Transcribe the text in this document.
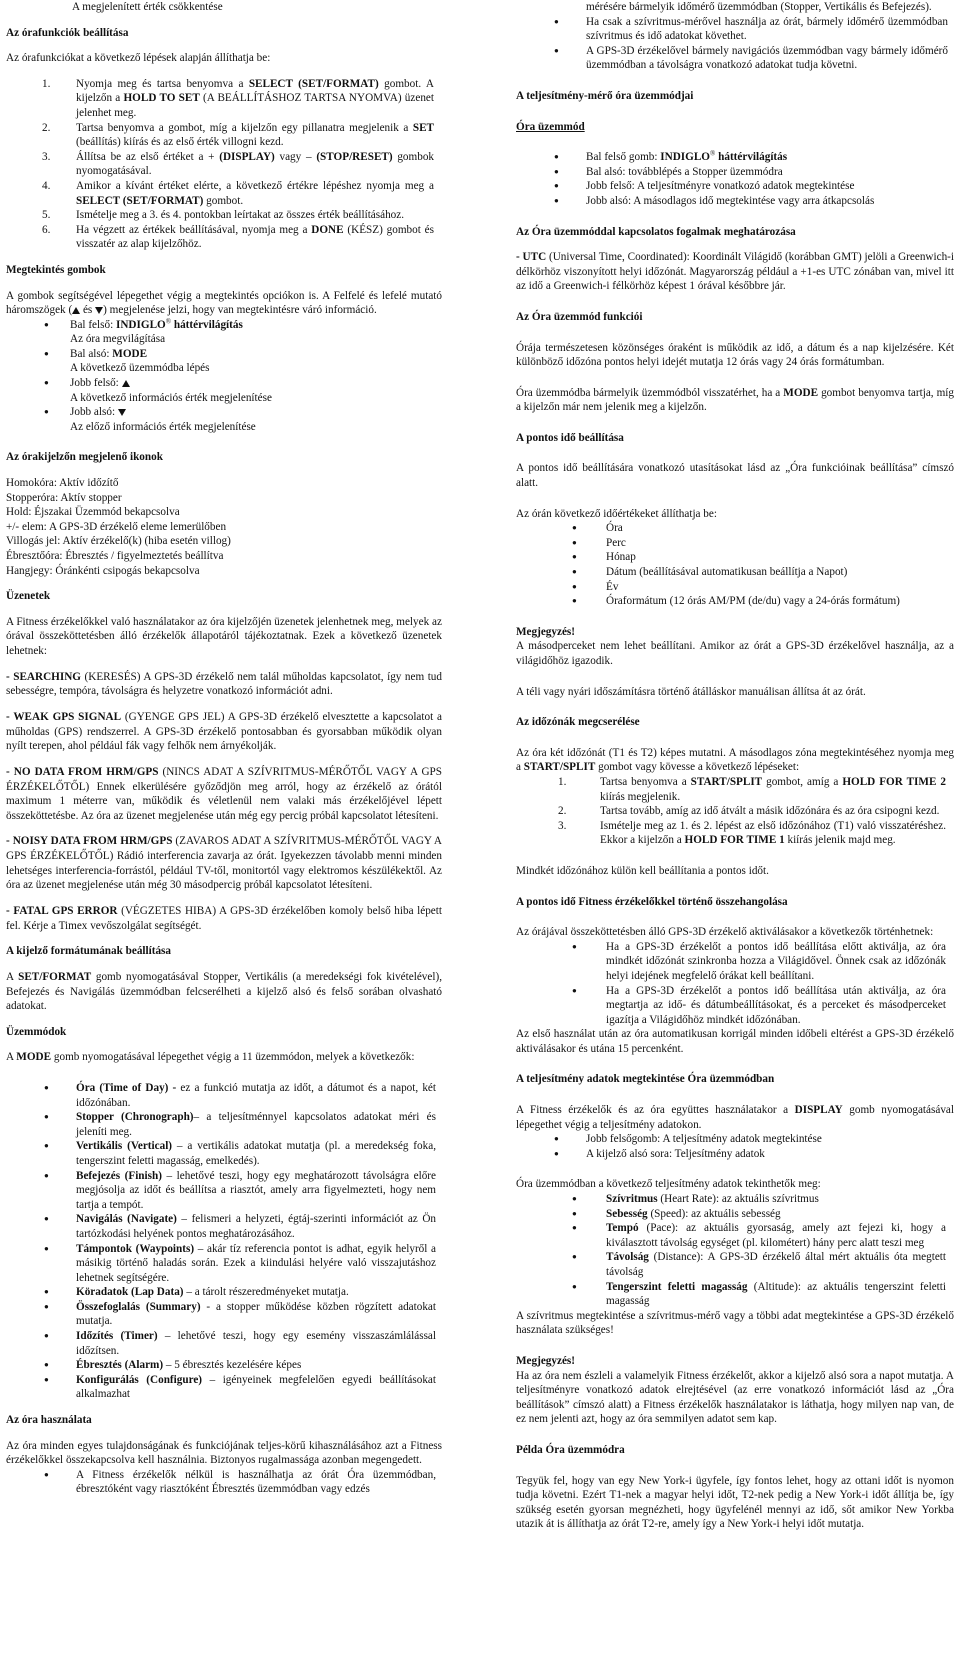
A megjelenített érték csökkentése

Az órafunkciók beállítása

Az órafunkciókat a következő lépések alapján állíthatja be:

1. Nyomja meg és tartsa benyomva a SELECT (SET/FORMAT) gombot. A kijelzőn a HOLD TO SET (A BEÁLLÍTÁSHOZ TARTSA NYOMVA) üzenet jelenhet meg.
2. Tartsa benyomva a gombot, míg a kijelzőn egy pillanatra megjelenik a SET (beállítás) kiírás és az első érték villogni kezd.
3. Állítsa be az első értéket a + (DISPLAY) vagy – (STOP/RESET) gombok nyomogatásával.
4. Amikor a kívánt értéket elérte, a következő értékre lépéshez nyomja meg a SELECT (SET/FORMAT) gombot.
5. Ismételje meg a 3. és 4. pontokban leírtakat az összes érték beállításához.
6. Ha végzett az értékek beállításával, nyomja meg a DONE (KÉSZ) gombot és visszatér az alap kijelzőhöz.

Megtekintés gombok

A gombok segítségével lépegethet végig a megtekintés opciókon is. A Felfelé és lefelé mutató háromszögek ( és ) megjelenése jelzi, hogy van megtekintésre váró információ.

● Bal felső: INDIGLO® háttérvilágítás
Az óra megvilágítása
● Bal alsó: MODE
A következő üzemmódba lépés
● Jobb felső:
A következő információs érték megjelenítése
● Jobb alsó:
Az előző információs érték megjelenítése

Az órakijelzőn megjelenő ikonok

Homokóra: Aktív időzítő
Stopperóra: Aktív stopper
Hold: Éjszakai Üzemmód bekapcsolva
+/- elem: A GPS-3D érzékelő eleme lemerülőben
Villogás jel: Aktív érzékelő(k) (hiba esetén villog)
Ébresztőóra: Ébresztés / figyelmeztetés beállítva
Hangjegy: Óránkénti csipogás bekapcsolva

Üzenetek

A Fitness érzékelőkkel való használatakor az óra kijelzőjén üzenetek jelenhetnek meg, melyek az órával összeköttetésben álló érzékelők állapotáról tájékoztatnak. Ezek a következő üzenetek lehetnek:

- SEARCHING (KERESÉS) A GPS-3D érzékelő nem talál műholdas kapcsolatot, így nem tud sebességre, tempóra, távolságra és helyzetre vonatkozó információt adni.

- WEAK GPS SIGNAL (GYENGE GPS JEL) A GPS-3D érzékelő elvesztette a kapcsolatot a műholdas (GPS) rendszerrel. A GPS-3D érzékelő pontosabban és gyorsabban működik olyan nyílt terepen, ahol például fák vagy felhők nem árnyékolják.

- NO DATA FROM HRM/GPS (NINCS ADAT A SZÍVRITMUS-MÉRŐTŐL VAGY A GPS ÉRZÉKELŐTŐL) Ennek elkerülésére győződjön meg arról, hogy az érzékelő az órától maximum 1 méterre van, működik és véletlenül nem valaki más érzékelőjével lépett összeköttetésbe. Az óra az üzenet megjelenése után még egy percig próbál kapcsolatot létesíteni.

- NOISY DATA FROM HRM/GPS (ZAVAROS ADAT A SZÍVRITMUS-MÉRŐTŐL VAGY A GPS ÉRZÉKELŐTŐL) Rádió interferencia zavarja az órát. Igyekezzen távolabb menni minden lehetséges interferencia-forrástól, például TV-től, monitortól vagy elektromos készülékektől. Az óra az üzenet megjelenése után még 30 másodpercig próbál kapcsolatot létesíteni.

- FATAL GPS ERROR (VÉGZETES HIBA) A GPS-3D érzékelőben komoly belső hiba lépett fel. Kérje a Timex vevőszolgálat segítségét.

A kijelző formátumának beállítása

A SET/FORMAT gomb nyomogatásával Stopper, Vertikális (a meredekségi fok kivételével), Befejezés és Navigálás üzemmódban felcserélheti a kijelző alsó és felső sorában olvasható adatokat.

Üzemmódok

A MODE gomb nyomogatásával lépegethet végig a 11 üzemmódon, melyek a következők:

● Óra (Time of Day) - ez a funkció mutatja az időt, a dátumot és a napot, két időzónában.
● Stopper (Chronograph)– a teljesítménnyel kapcsolatos adatokat méri és jeleníti meg.
● Vertikális (Vertical) – a vertikális adatokat mutatja (pl. a meredekség foka, tengerszint feletti magasság, emelkedés).
● Befejezés (Finish) – lehetővé teszi, hogy egy meghatározott távolságra előre megjósolja az időt és beállítsa a riasztót, amely arra figyelmezteti, hogy nem tartja a tempót.
● Navigálás (Navigate) – felismeri a helyzeti, égtáj-szerinti információt az Ön tartózkodási helyének pontos meghatározásához.
● Támpontok (Waypoints) – akár tíz referencia pontot is adhat, egyik helyről a másikig történő haladás során. Ezek a kiindulási helyére való visszajutáshoz lehetnek segítségére.
● Köradatok (Lap Data) – a tárolt részeredményeket mutatja.
● Összefoglalás (Summary) - a stopper működése közben rögzített adatokat mutatja.
● Időzítés (Timer) – lehetővé teszi, hogy egy esemény visszaszámlálással időzítsen.
● Ébresztés (Alarm) – 5 ébresztés kezelésére képes
● Konfigurálás (Configure) – igényeinek megfelelően egyedi beállításokat alkalmazhat

Az óra használata

Az óra minden egyes tulajdonságának és funkciójának teljes-körű kihasználásához azt a Fitness érzékelőkkel összekapcsolva kell használnia. Biztonyos rugalmassága azonban megengedett.

● A Fitness érzékelők nélkül is használhatja az órát Óra üzemmódban, ébresztóként vagy riasztóként Ébresztés üzemmódban vagy edzés

mérésére bármelyik időmérő üzemmódban (Stopper, Vertikális és Befejezés).

● Ha csak a szívritmus-mérővel használja az órát, bármely időmérő üzemmódban szívritmus és idő adatokat követhet.
● A GPS-3D érzékelővel bármely navigációs üzemmódban vagy bármely időmérő üzemmódban a távolságra vonatkozó adatokat tudja követni.

A teljesítmény-mérő óra üzemmódjai

Óra üzemmód

● Bal felső gomb: INDIGLO® háttérvilágítás
● Bal alsó: továbblépés a Stopper üzemmódra
● Jobb felső: A teljesítményre vonatkozó adatok megtekintése
● Jobb alsó: A másodlagos idő megtekintése vagy arra átkapcsolás

Az Óra üzemmóddal kapcsolatos fogalmak meghatározása

- UTC (Universal Time, Coordinated): Koordinált Világidő (korábban GMT) jelöli a Greenwich-i délkörhöz viszonyított helyi időzónát. Magyarország például a +1-es UTC zónában van, mivel itt az idő a Greenwich-i félkörhöz képest 1 órával későbbre jár.

Az Óra üzemmód funkciói

Órája természetesen közönséges óraként is működik az idő, a dátum és a nap kijelzésére. Két különböző időzóna pontos helyi idejét mutatja 12 órás vagy 24 órás formátumban.

Óra üzemmódba bármelyik üzemmódból visszatérhet, ha a MODE gombot benyomva tartja, míg a kijelzőn már nem jelenik meg a kijelzőn.

A pontos idő beállítása

A pontos idő beállítására vonatkozó utasításokat lásd az „Óra funkcióinak beállítása” címszó alatt.

Az órán következő időértékeket állíthatja be:

●	Óra
●	Perc
●	Hónap
●	Dátum (beállításával automatikusan beállítja a Napot)
●	Év
●	Óraformátum (12 órás AM/PM (de/du) vagy a 24-órás formátum)

Megjegyzés!

A másodperceket nem lehet beállítani. Amikor az órát a GPS-3D érzékelővel használja, az a világidőhöz igazodik.

A téli vagy nyári időszámításra történő átálláskor manuálisan állítsa át az órát.

Az időzónák megcserélése

Az óra két időzónát (T1 és T2) képes mutatni. A másodlagos zóna megtekintéséhez nyomja meg a START/SPLIT gombot vagy kövesse a következő lépéseket:

1.	Tartsa benyomva a START/SPLIT gombot, amíg a HOLD FOR TIME 2 kiírás megjelenik.
2.	Tartsa tovább, amíg az idő átvált a másik időzónára és az óra csipogni kezd.
3.	Ismételje meg az 1. és 2. lépést az első időzónához (T1) való visszatéréshez. Ekkor a kijelzőn a HOLD FOR TIME 1 kiírás jelenik majd meg.

Mindkét időzónához külön kell beállítania a pontos időt.

A pontos idő Fitness érzékelőkkel történő összehangolása

Az órájával összeköttetésben álló GPS-3D érzékelő aktiválásakor a következők történhetnek:

●	Ha a GPS-3D érzékelőt a pontos idő beállítása előtt aktiválja, az óra mindkét időzónát szinkronba hozza a Világidővel. Önnek csak az időzónák helyi idejének megfelelő órákat kell beállítani.
●	Ha a GPS-3D érzékelőt a pontos idő beállítása után aktiválja, az óra megtartja az idő- és dátumbeállításokat, és a perceket és másodperceket igazítja a Világidőhöz mindkét időzónában.

Az első használat után az óra automatikusan korrigál minden időbeli eltérést a GPS-3D érzékelő aktiválásakor és utána 15 percenként.

A teljesítmény adatok megtekintése Óra üzemmódban

A Fitness érzékelők és az óra együttes használatakor a DISPLAY gomb nyomogatásával lépegethet végig a teljesítmény adatokon.

● Jobb felsőgomb: A teljesítmény adatok megtekintése
● A kijelző alsó sora: Teljesítmény adatok

Óra üzemmódban a következő teljesítmény adatok tekinthetők meg:

●	Szívritmus (Heart Rate): az aktuális szívritmus
●	Sebesség (Speed): az aktuális sebesség
●	Tempó (Pace): az aktuális gyorsaság, amely azt fejezi ki, hogy a kiválasztott távolság egységet (pl. kilométert) hány perc alatt teszi meg
●	Távolság (Distance): A GPS-3D érzékelő által mért aktuális óta megtett távolság
●	Tengerszint feletti magasság (Altitude): az aktuális tengerszint feletti magasság

A szívritmus megtekintése a szívritmus-mérő vagy a többi adat megtekintése a GPS-3D érzékelő használata szükséges!

Megjegyzés!

Ha az óra nem észleli a valamelyik Fitness érzékelőt, akkor a kijelző alsó sora a napot mutatja. A teljesítményre vonatkozó adatok elrejtésével (az erre vonatkozó információt lásd az „Óra beállítások” címszó alatt) a Fitness érzékelők használatakor is láthatja, hogy milyen nap van, de ez nem jelenti azt, hogy az óra semmilyen adatot sem kap.

Példa Óra üzemmódra

Tegyük fel, hogy van egy New York-i ügyfele, így fontos lehet, hogy az ottani időt is nyomon tudja követni. Ezért T1-nek a magyar helyi időt, T2-nek pedig a New York-i időt állítja be, így szükség esetén gyorsan megnézheti, hogy ügyfelénél mennyi az idő, sőt amikor New Yorkba utazik át is állíthatja az órát T2-re, amely így a New York-i helyi időt mutatja.
